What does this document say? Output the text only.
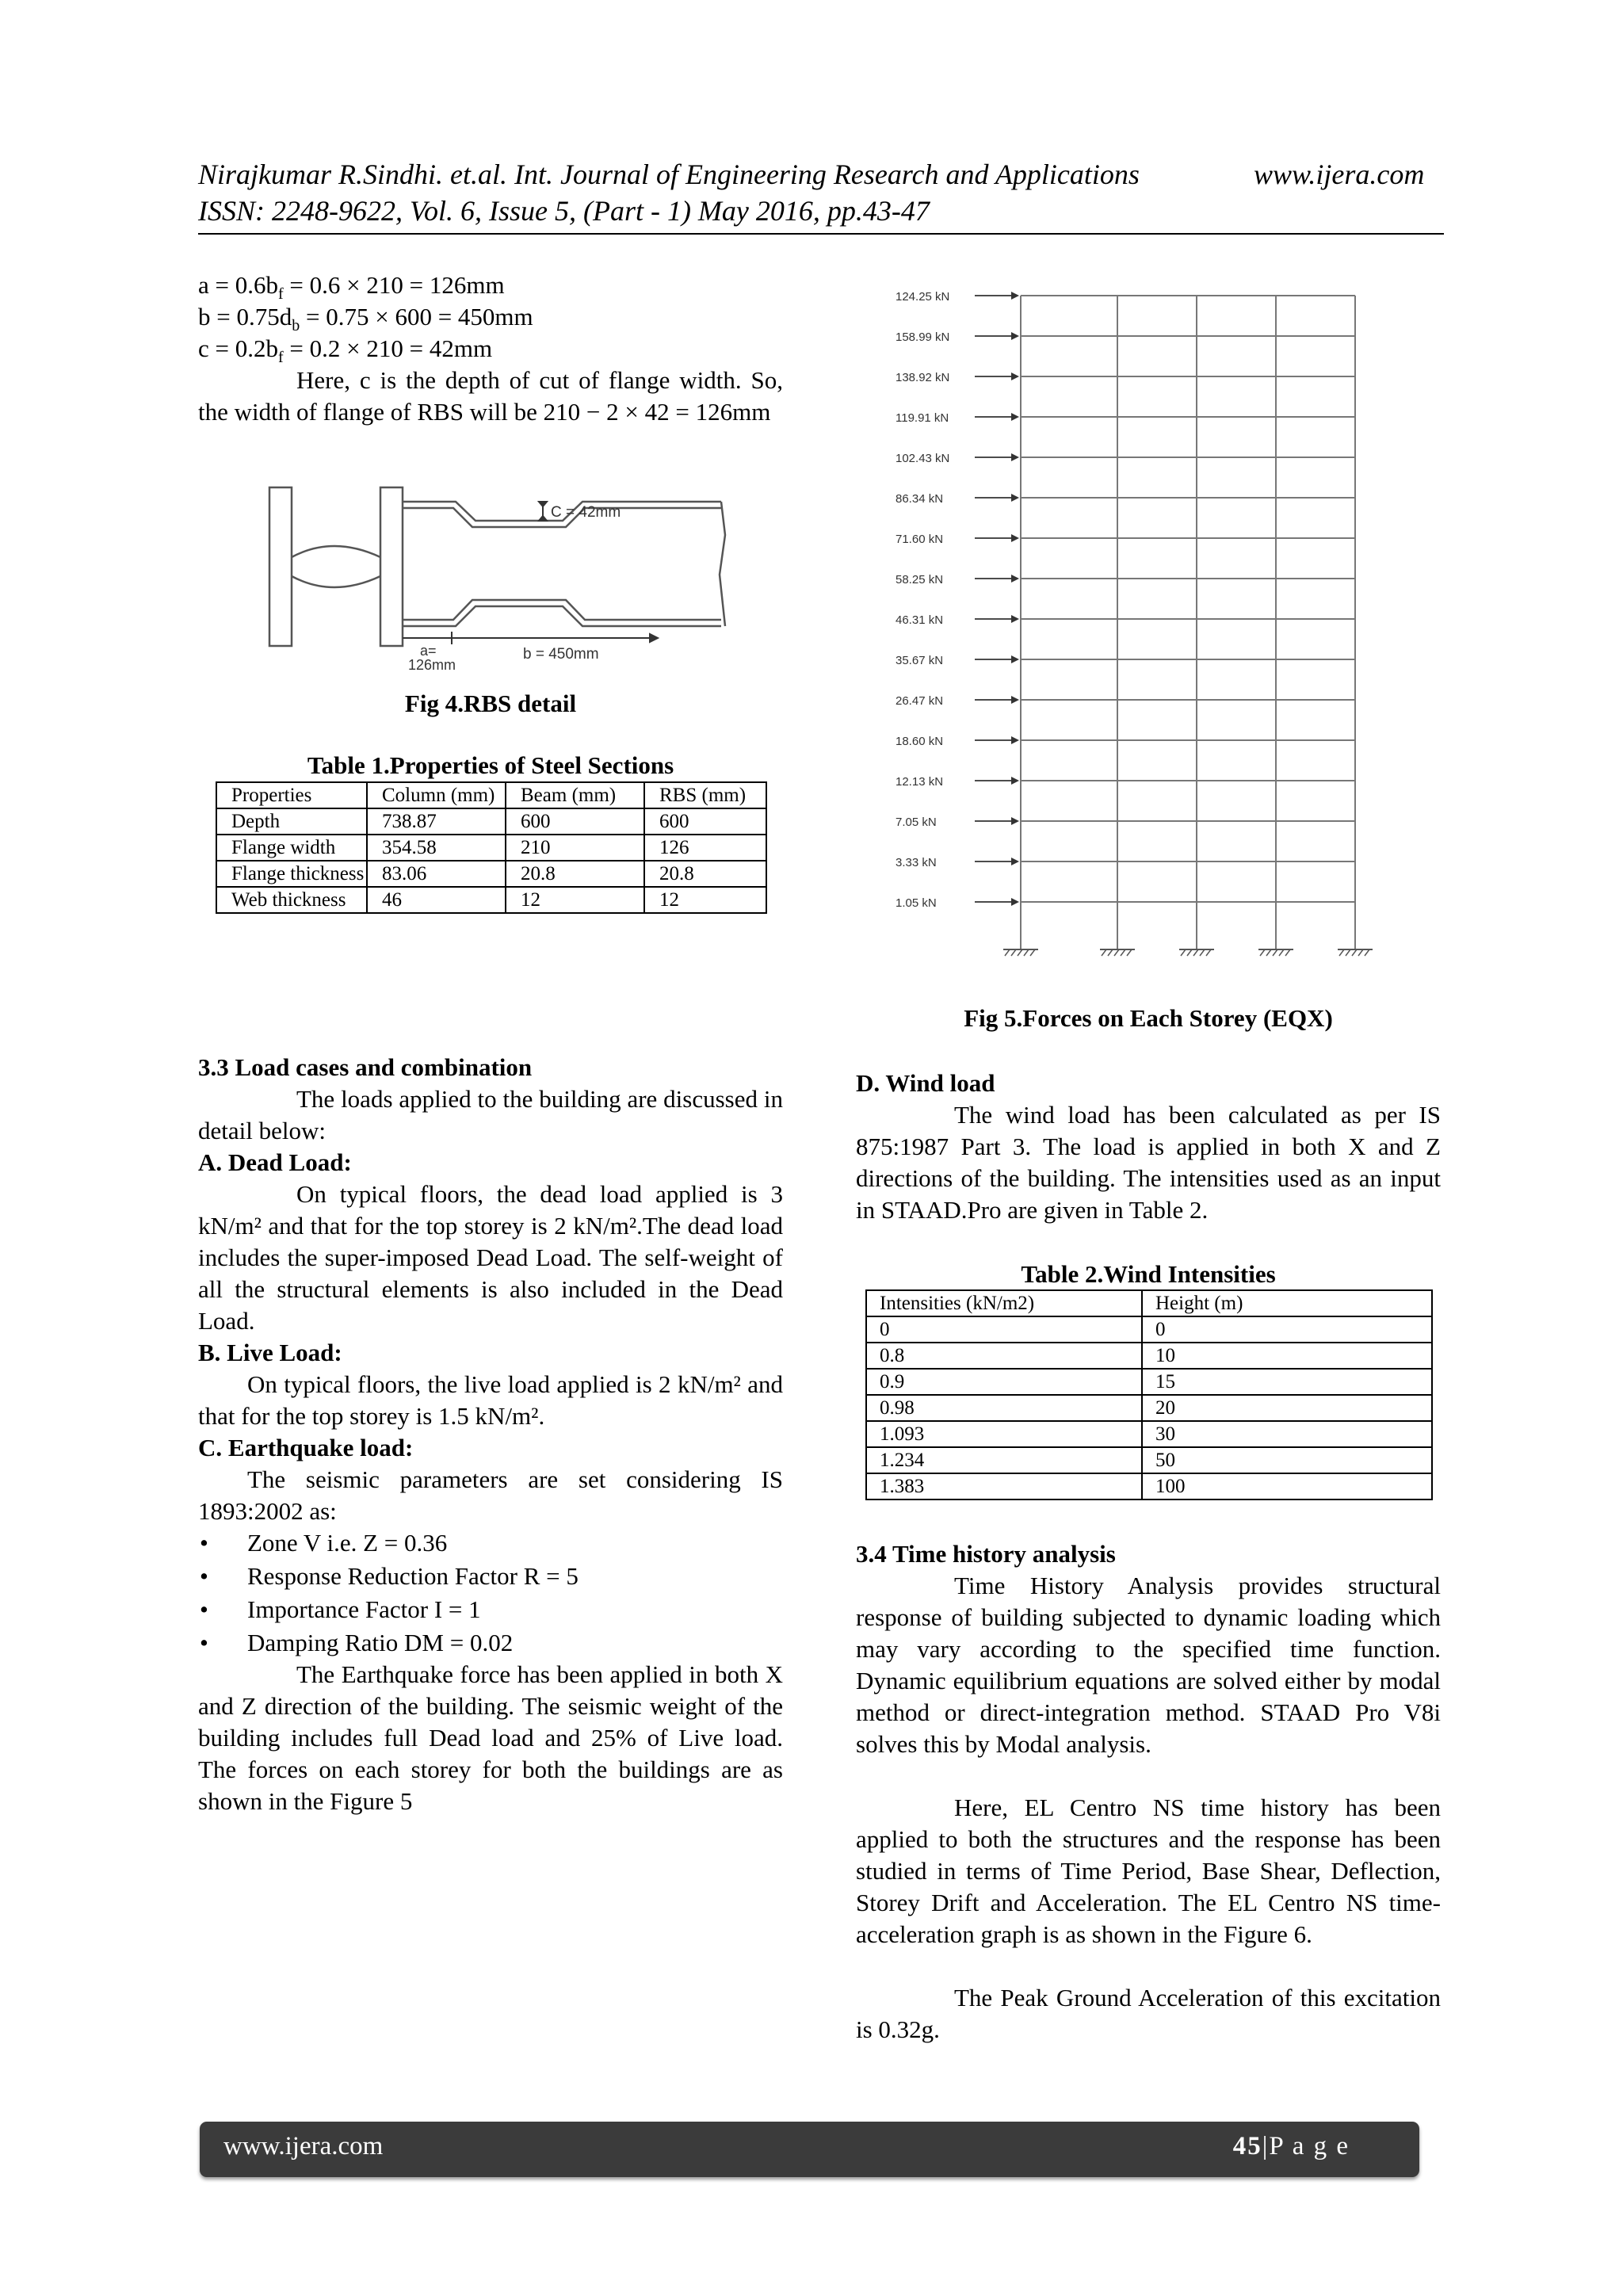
Nirajkumar R.Sindhi. et.al. Int. Journal of Engineering Research and Applications	www.ijera.com
ISSN: 2248-9622, Vol. 6, Issue 5, (Part - 1) May 2016, pp.43-47
$a = 0.6b_f = 0.6 \times 210 = 126mm$
$b = 0.75d_b = 0.75 \times 600 = 450mm$
$c = 0.2b_f = 0.2 \times 210 = 42mm$
Here, c is the depth of cut of flange width. So, the width of flange of RBS will be 210 − 2 × 42 = 126mm
C = 42mm
a=
126mm
b = 450mm
Fig 4.RBS detail
Table 1.Properties of Steel Sections
Properties	Column (mm)	Beam (mm)	RBS (mm)
Depth	738.87	600	600
Flange width	354.58	210	126
Flange thickness	83.06	20.8	20.8
Web thickness	46	12	12
3.3 Load cases and combination
The loads applied to the building are discussed in detail below:
A. Dead Load:
On typical floors, the dead load applied is 3 kN/m² and that for the top storey is 2 kN/m².The dead load includes the super-imposed Dead Load. The self-weight of all the structural elements is also included in the Dead Load.
B. Live Load:
On typical floors, the live load applied is 2 kN/m² and that for the top storey is 1.5 kN/m².
C. Earthquake load:
The seismic parameters are set considering IS 1893:2002 as:
• Zone V i.e. Z = 0.36
• Response Reduction Factor R = 5
• Importance Factor I = 1
• Damping Ratio DM = 0.02
The Earthquake force has been applied in both X and Z direction of the building. The seismic weight of the building includes full Dead load and 25% of Live load. The forces on each storey for both the buildings are as shown in the Figure 5
124.25 kN
158.99 kN
138.92 kN
119.91 kN
102.43 kN
86.34 kN
71.60 kN
58.25 kN
46.31 kN
35.67 kN
26.47 kN
18.60 kN
12.13 kN
7.05 kN
3.33 kN
1.05 kN
Fig 5.Forces on Each Storey (EQX)
D. Wind load
The wind load has been calculated as per IS 875:1987 Part 3. The load is applied in both X and Z directions of the building. The intensities used as an input in STAAD.Pro are given in Table 2.
Table 2.Wind Intensities
Intensities (kN/m2)	Height (m)
0	0
0.8	10
0.9	15
0.98	20
1.093	30
1.234	50
1.383	100
3.4 Time history analysis
Time History Analysis provides structural response of building subjected to dynamic loading which may vary according to the specified time function. Dynamic equilibrium equations are solved either by modal method or direct-integration method. STAAD Pro V8i solves this by Modal analysis.
Here, EL Centro NS time history has been applied to both the structures and the response has been studied in terms of Time Period, Base Shear, Deflection, Storey Drift and Acceleration. The EL Centro NS time-acceleration graph is as shown in the Figure 6.
The Peak Ground Acceleration of this excitation is 0.32g.
www.ijera.com	45|P a g e
